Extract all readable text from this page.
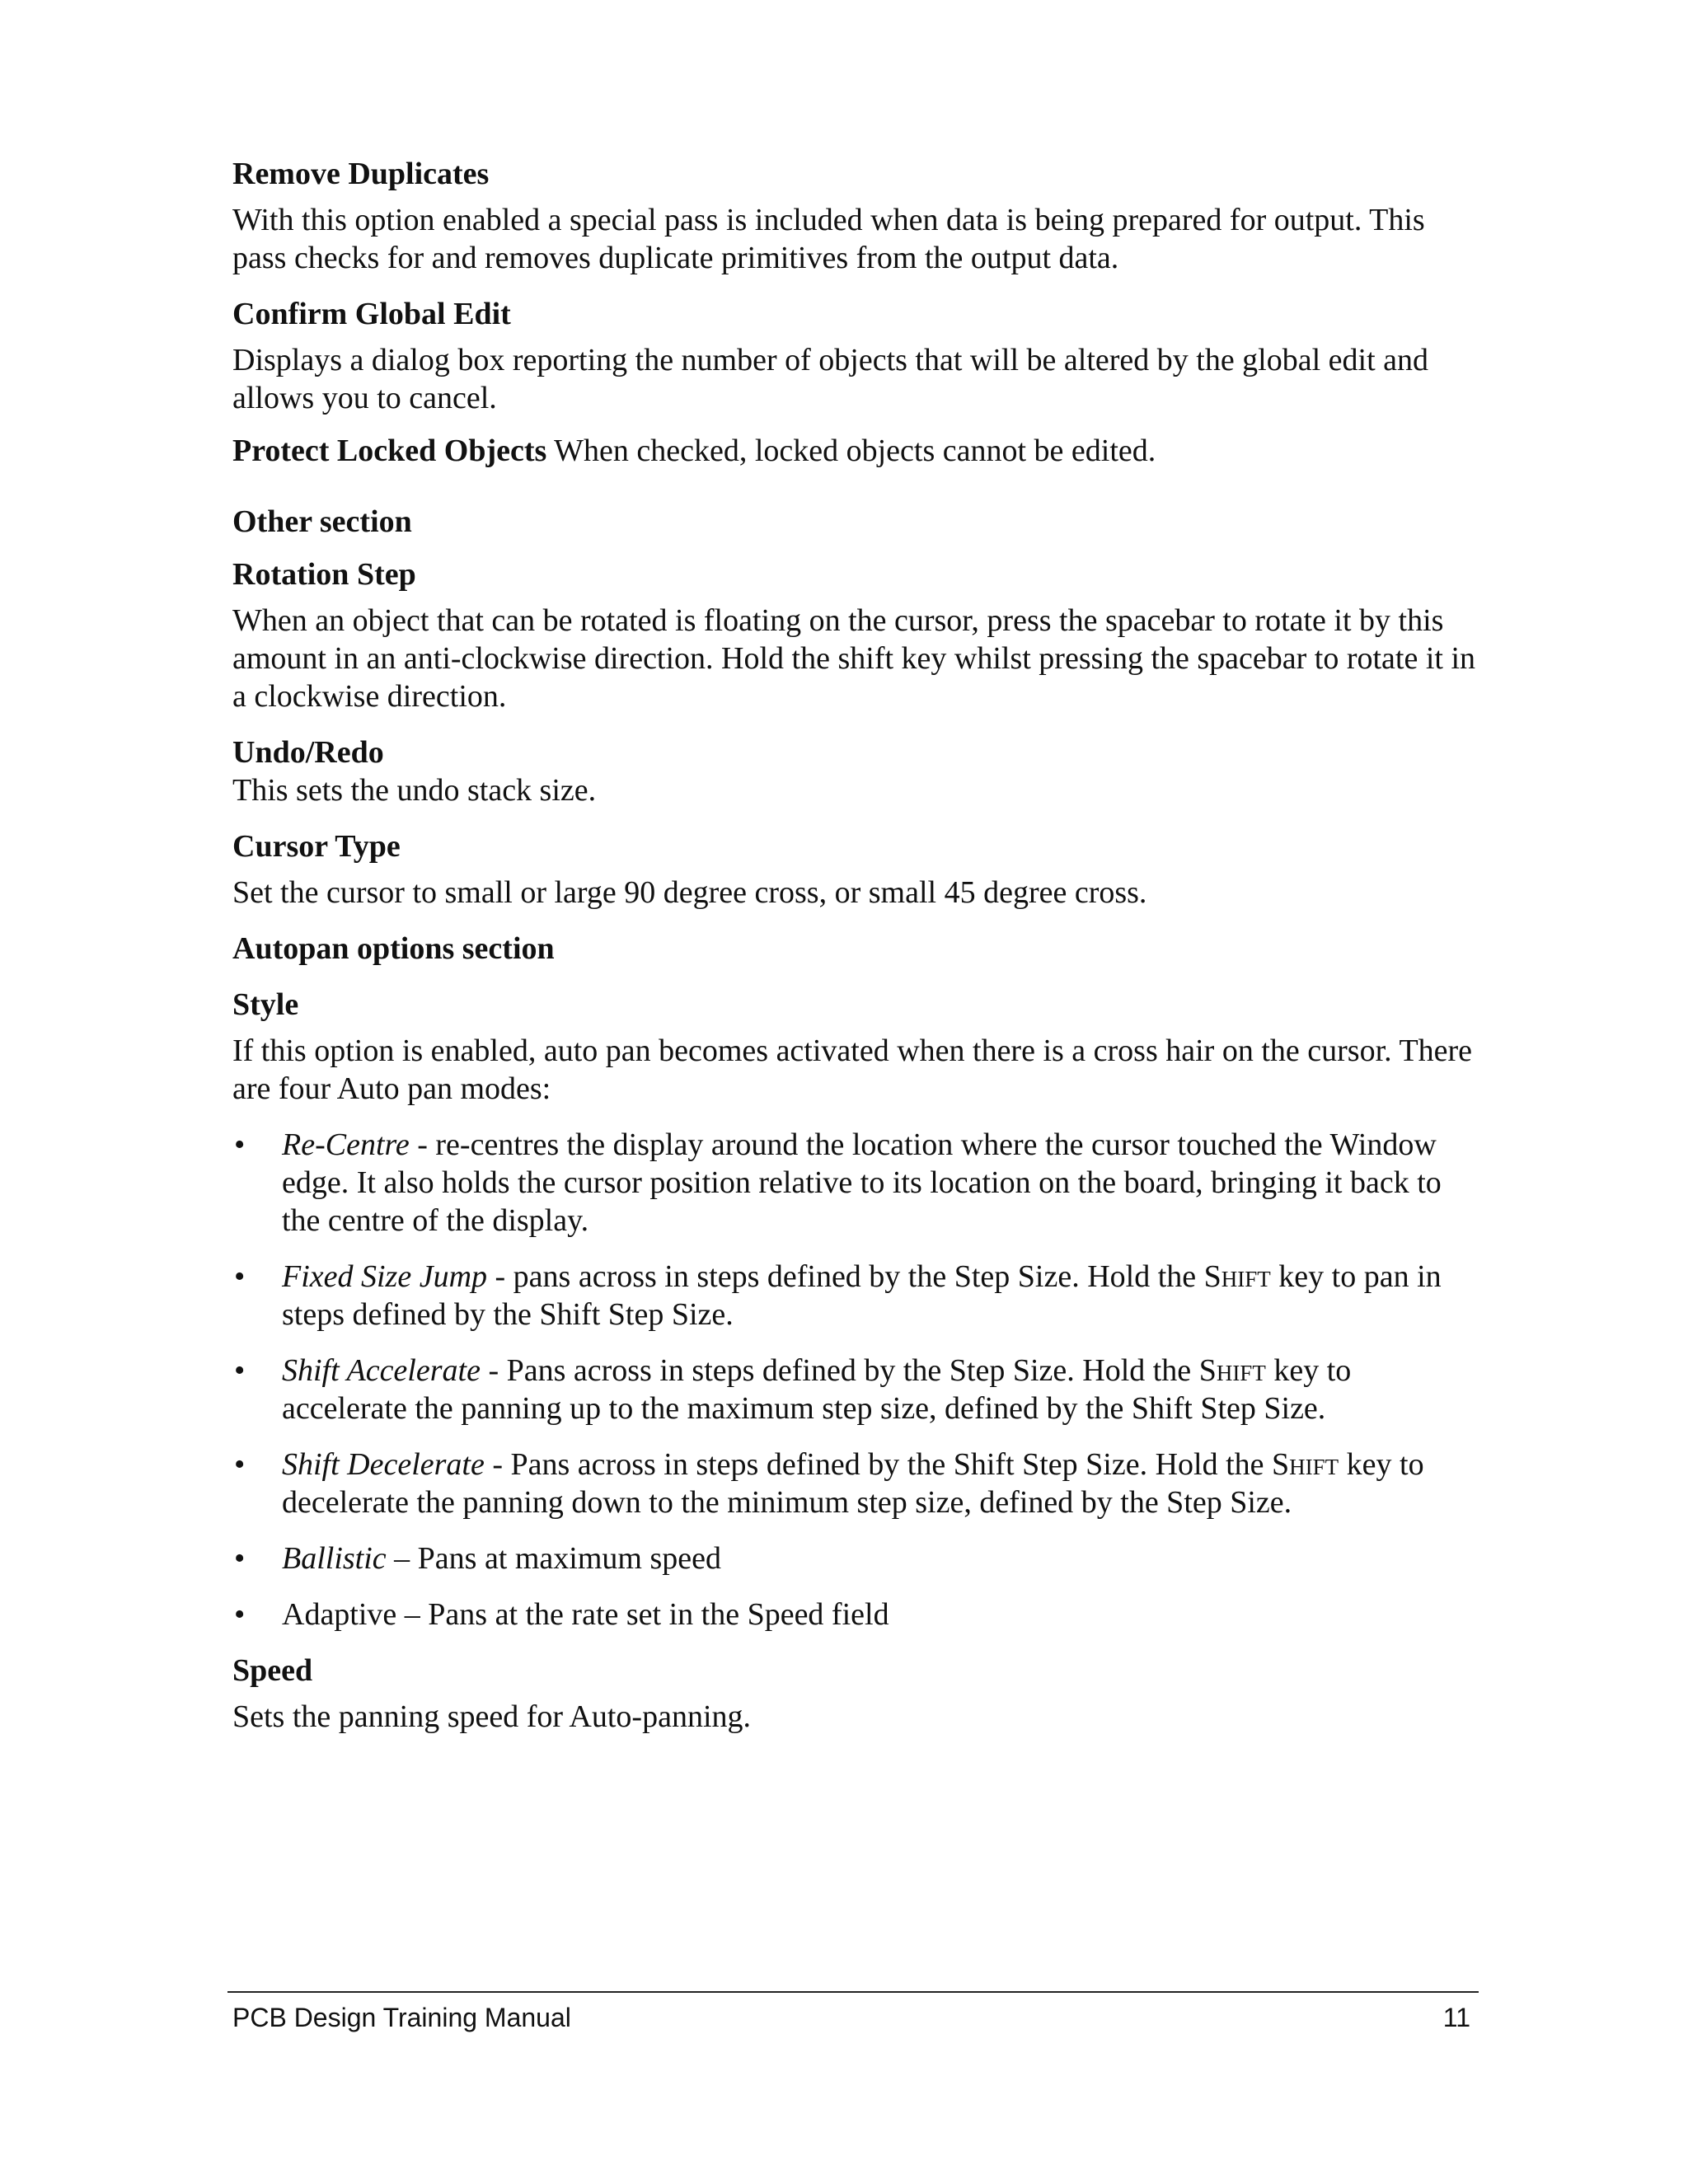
Remove Duplicates

With this option enabled a special pass is included when data is being prepared for output. This pass checks for and removes duplicate primitives from the output data.

Confirm Global Edit

Displays a dialog box reporting the number of objects that will be altered by the global edit and allows you to cancel.

Protect Locked Objects When checked, locked objects cannot be edited.

Other section

Rotation Step

When an object that can be rotated is floating on the cursor, press the spacebar to rotate it by this amount in an anti-clockwise direction. Hold the shift key whilst pressing the spacebar to rotate it in a clockwise direction.

Undo/Redo

This sets the undo stack size.

Cursor Type

Set the cursor to small or large 90 degree cross, or small 45 degree cross.

Autopan options section

Style

If this option is enabled, auto pan becomes activated when there is a cross hair on the cursor. There are four Auto pan modes:

• Re-Centre - re-centres the display around the location where the cursor touched the Window edge. It also holds the cursor position relative to its location on the board, bringing it back to the centre of the display.
• Fixed Size Jump - pans across in steps defined by the Step Size. Hold the Shift key to pan in steps defined by the Shift Step Size.
• Shift Accelerate - Pans across in steps defined by the Step Size. Hold the Shift key to accelerate the panning up to the maximum step size, defined by the Shift Step Size.
• Shift Decelerate - Pans across in steps defined by the Shift Step Size. Hold the Shift key to decelerate the panning down to the minimum step size, defined by the Step Size.
• Ballistic – Pans at maximum speed
• Adaptive – Pans at the rate set in the Speed field

Speed

Sets the panning speed for Auto-panning.

PCB Design Training Manual	11
